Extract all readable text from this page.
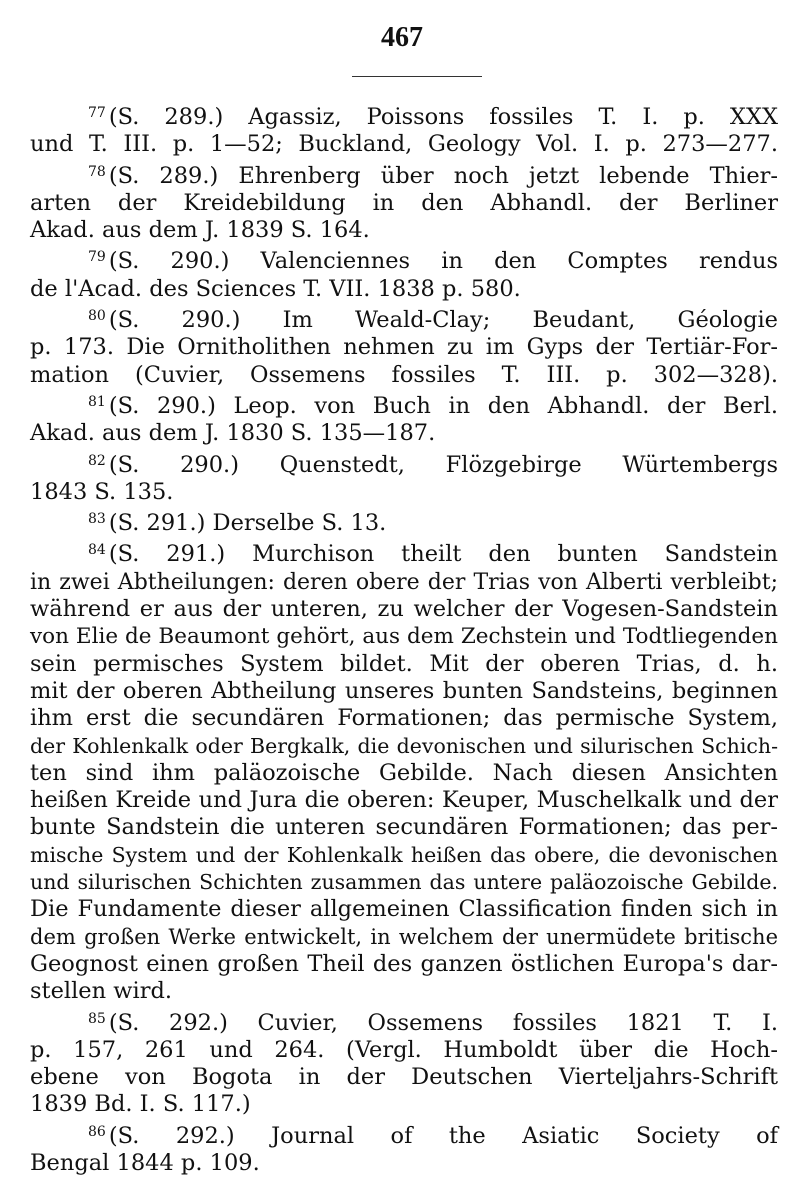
467
$^{77}$ (S. 289.) Agassiz, Poissons fossiles T. I. p. XXX
und T. III. p. 1—52; Buckland, Geology Vol. I. p. 273—277.
$^{78}$ (S. 289.) Ehrenberg über noch jetzt lebende Thier-
arten der Kreidebildung in den Abhandl. der Berliner
Akad. aus dem J. 1839 S. 164.
$^{79}$ (S. 290.) Valenciennes in den Comptes rendus
de l'Acad. des Sciences T. VII. 1838 p. 580.
$^{80}$ (S. 290.) Im Weald-Clay; Beudant, Géologie
p. 173. Die Ornitholithen nehmen zu im Gyps der Tertiär-For-
mation (Cuvier, Ossemens fossiles T. III. p. 302—328).
$^{81}$ (S. 290.) Leop. von Buch in den Abhandl. der Berl.
Akad. aus dem J. 1830 S. 135—187.
$^{82}$ (S. 290.) Quenstedt, Flözgebirge Würtembergs
1843 S. 135.
$^{83}$ (S. 291.) Derselbe S. 13.
$^{84}$ (S. 291.) Murchison theilt den bunten Sandstein
in zwei Abtheilungen: deren obere der Trias von Alberti verbleibt;
während er aus der unteren, zu welcher der Vogesen-Sandstein
von Elie de Beaumont gehört, aus dem Zechstein und Todtliegenden
sein permisches System bildet. Mit der oberen Trias, d. h.
mit der oberen Abtheilung unseres bunten Sandsteins, beginnen
ihm erst die secundären Formationen; das permische System,
der Kohlenkalk oder Bergkalk, die devonischen und silurischen Schich-
ten sind ihm paläozoische Gebilde. Nach diesen Ansichten
heißen Kreide und Jura die oberen: Keuper, Muschelkalk und der
bunte Sandstein die unteren secundären Formationen; das per-
mische System und der Kohlenkalk heißen das obere, die devonischen
und silurischen Schichten zusammen das untere paläozoische Gebilde.
Die Fundamente dieser allgemeinen Classification finden sich in
dem großen Werke entwickelt, in welchem der unermüdete britische
Geognost einen großen Theil des ganzen östlichen Europa's dar-
stellen wird.
$^{85}$ (S. 292.) Cuvier, Ossemens fossiles 1821 T. I.
p. 157, 261 und 264. (Vergl. Humboldt über die Hoch-
ebene von Bogota in der Deutschen Vierteljahrs-Schrift
1839 Bd. I. S. 117.)
$^{86}$ (S. 292.) Journal of the Asiatic Society of
Bengal 1844 p. 109.
